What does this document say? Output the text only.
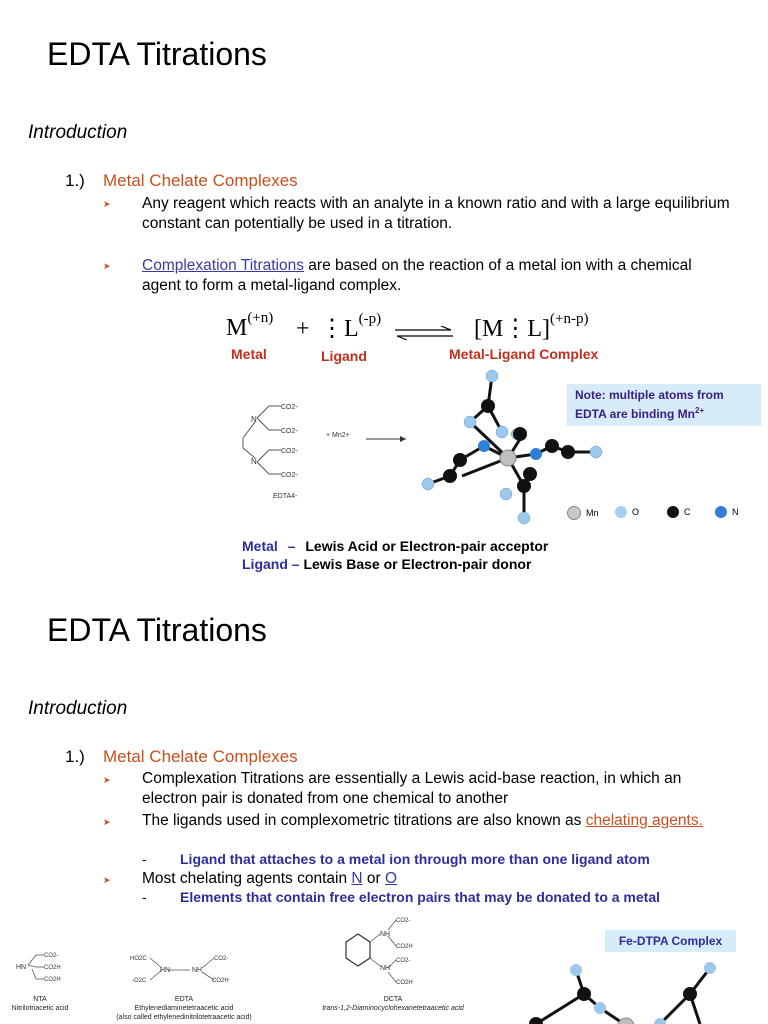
EDTA Titrations
Introduction
1.) Metal Chelate Complexes
➤ Any reagent which reacts with an analyte in a known ratio and with a large equilibrium constant can potentially be used in a titration.
➤ Complexation Titrations are based on the reaction of a metal ion with a chemical agent to form a metal-ligand complex.
$M^{(+n)}$ + $⋮L^{(-p)}$ ⇌ [M⋮L]$^{(+n-p)}$
Metal	Ligand	Metal-Ligand Complex
N
N
CO2-
CO2-
CO2-
CO2-
EDTA4-
+ Mn2+ →
Note: multiple atoms from
EDTA are binding $Mn^{2+}$
Mn	O	C	N
Metal – Lewis Acid or Electron-pair acceptor
Ligand – Lewis Base or Electron-pair donor
EDTA Titrations
Introduction
1.) Metal Chelate Complexes
➤ Complexation Titrations are essentially a Lewis acid-base reaction, in which an electron pair is donated from one chemical to another
➤ The ligands used in complexometric titrations are also known as chelating agents.
- Ligand that attaches to a metal ion through more than one ligand atom
➤ Most chelating agents contain N or O
- Elements that contain free electron pairs that may be donated to a metal
HN
CO2-
CO2H
CO2H
NTA
Nitrilotriacetic acid
HO2C
-O2C
HN	NH
CO2-
CO2H
EDTA
Ethylenediaminetetraacetic acid
(also called ethylenedinitrilotetraacetic acid)
NH
NH
CO2-
CO2H
CO2-
CO2H
DCTA
trans-1,2-Diaminocyclohexanetetraacetic acid
Fe-DTPA Complex
